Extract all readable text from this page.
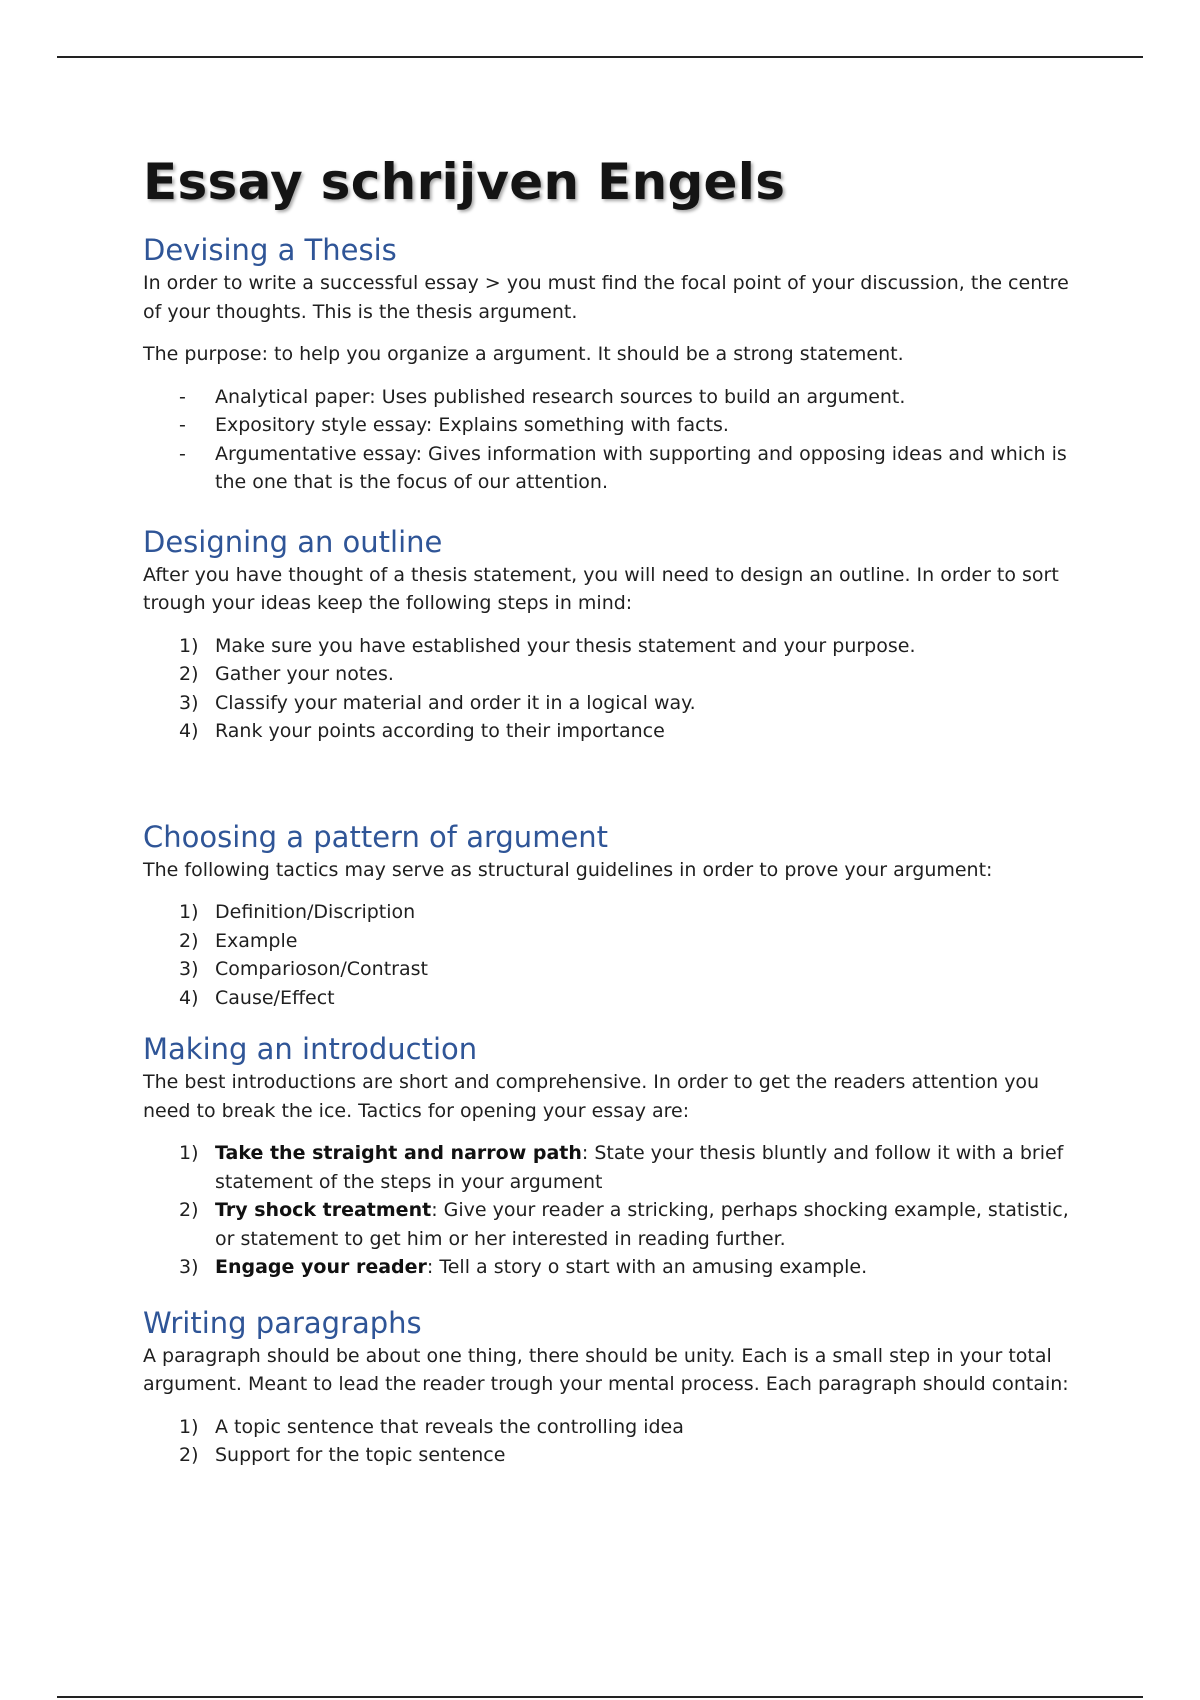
Essay schrijven Engels
Devising a Thesis

In order to write a successful essay > you must find the focal point of your discussion, the centre of your thoughts. This is the thesis argument.

The purpose: to help you organize a argument. It should be a strong statement.

- Analytical paper: Uses published research sources to build an argument.
- Expository style essay: Explains something with facts.
- Argumentative essay: Gives information with supporting and opposing ideas and which is the one that is the focus of our attention.
Designing an outline

After you have thought of a thesis statement, you will need to design an outline. In order to sort trough your ideas keep the following steps in mind:

1) Make sure you have established your thesis statement and your purpose.
2) Gather your notes.
3) Classify your material and order it in a logical way.
4) Rank your points according to their importance
Choosing a pattern of argument

The following tactics may serve as structural guidelines in order to prove your argument:

1) Definition/Discription
2) Example
3) Comparioson/Contrast
4) Cause/Effect
Making an introduction

The best introductions are short and comprehensive. In order to get the readers attention you need to break the ice. Tactics for opening your essay are:

1) Take the straight and narrow path: State your thesis bluntly and follow it with a brief statement of the steps in your argument
2) Try shock treatment: Give your reader a stricking, perhaps shocking example, statistic, or statement to get him or her interested in reading further.
3) Engage your reader: Tell a story o start with an amusing example.
Writing paragraphs

A paragraph should be about one thing, there should be unity. Each is a small step in your total argument. Meant to lead the reader trough your mental process. Each paragraph should contain:

1) A topic sentence that reveals the controlling idea
2) Support for the topic sentence
